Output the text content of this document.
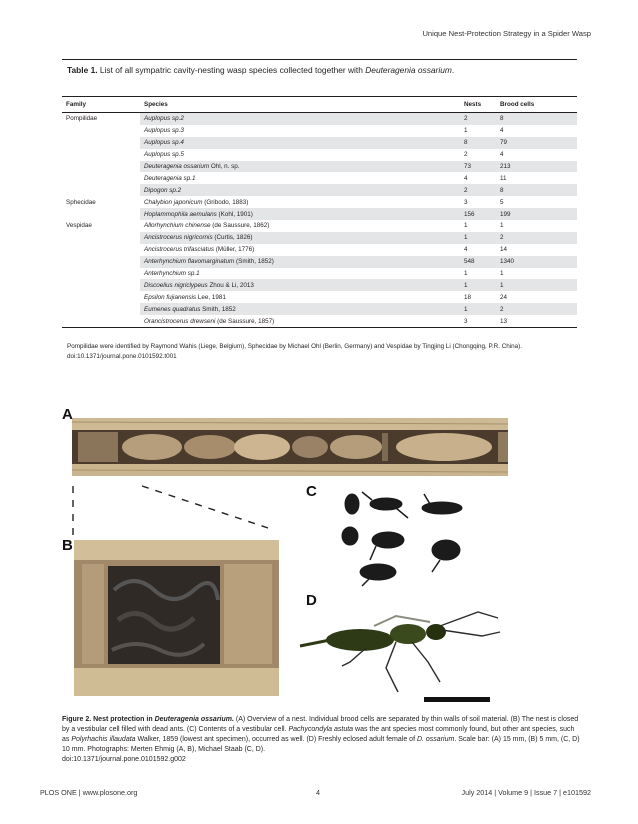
Unique Nest-Protection Strategy in a Spider Wasp
Table 1. List of all sympatric cavity-nesting wasp species collected together with Deuteragenia ossarium.
Family	Species	Nests	Brood cells
Pompilidae	Auplopus sp.2	2	8
	Auplopus sp.3	1	4
	Auplopus sp.4	8	79
	Auplopus sp.5	2	4
	Deuteragenia ossarium Ohl, n. sp.	73	213
	Deuteragenia sp.1	4	11
	Dipogon sp.2	2	8
Sphecidae	Chalybion japonicum (Gribodo, 1883)	3	5
	Hoplammophila aemulans (Kohl, 1901)	156	199
Vespidae	Allorhynchium chinense (de Saussure, 1862)	1	1
	Ancistrocerus nigricornis (Curtis, 1826)	1	2
	Ancistrocerus trifasciatus (Müller, 1776)	4	14
	Anterhynchium flavomarginatum (Smith, 1852)	548	1340
	Anterhynchium sp.1	1	1
	Discoelius nigriclypeus Zhou & Li, 2013	1	1
	Epsilon fujianensis Lee, 1981	18	24
	Eumenes quadratus Smith, 1852	1	2
	Orancistrocerus drewseni (de Saussure, 1857)	3	13
Pompilidae were identified by Raymond Wahis (Liege, Belgium), Sphecidae by Michael Ohl (Berlin, Germany) and Vespidae by Tingjing Li (Chongqing, P.R. China).
doi:10.1371/journal.pone.0101592.t001
A
B
C
D
Figure 2. Nest protection in Deuteragenia ossarium. (A) Overview of a nest. Individual brood cells are separated by thin walls of soil material. (B) The nest is closed by a vestibular cell filled with dead ants. (C) Contents of a vestibular cell. Pachycondyla astuta was the ant species most commonly found, but other ant species, such as Polyrhachis illaudata Walker, 1859 (lowest ant specimen), occurred as well. (D) Freshly eclosed adult female of D. ossarium. Scale bar: (A) 15 mm, (B) 5 mm, (C, D) 10 mm. Photographs: Merten Ehmig (A, B), Michael Staab (C, D).
doi:10.1371/journal.pone.0101592.g002
PLOS ONE | www.plosone.org	4	July 2014 | Volume 9 | Issue 7 | e101592
